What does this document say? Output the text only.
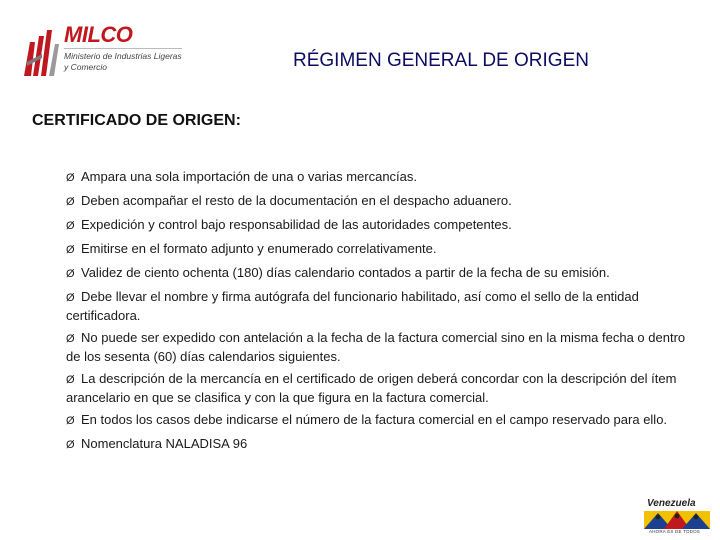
MILCO
Ministerio de Industrias Ligeras
y Comercio	RÉGIMEN GENERAL DE ORIGEN
CERTIFICADO DE ORIGEN:
Ø Ampara una sola importación de una o varias mercancías.
Ø Deben acompañar el resto de la documentación en el despacho aduanero.
Ø Expedición y control bajo responsabilidad de las autoridades competentes.
Ø Emitirse en el formato adjunto y enumerado correlativamente.
Ø Validez de ciento ochenta (180) días calendario contados a partir de la fecha de su emisión.
Ø Debe llevar el nombre y firma autógrafa del funcionario habilitado, así como el sello de la entidad certificadora.
Ø No puede ser expedido con antelación a la fecha de la factura comercial sino en la misma fecha o dentro de los sesenta (60) días calendarios siguientes.
Ø La descripción de la mercancía en el certificado de origen deberá concordar con la descripción del ítem arancelario en que se clasifica y con la que figura en la factura comercial.
Ø En todos los casos debe indicarse el número de la factura comercial en el campo reservado para ello.
Ø Nomenclatura NALADISA 96
Venezuela
AHORA ES DE TODOS
